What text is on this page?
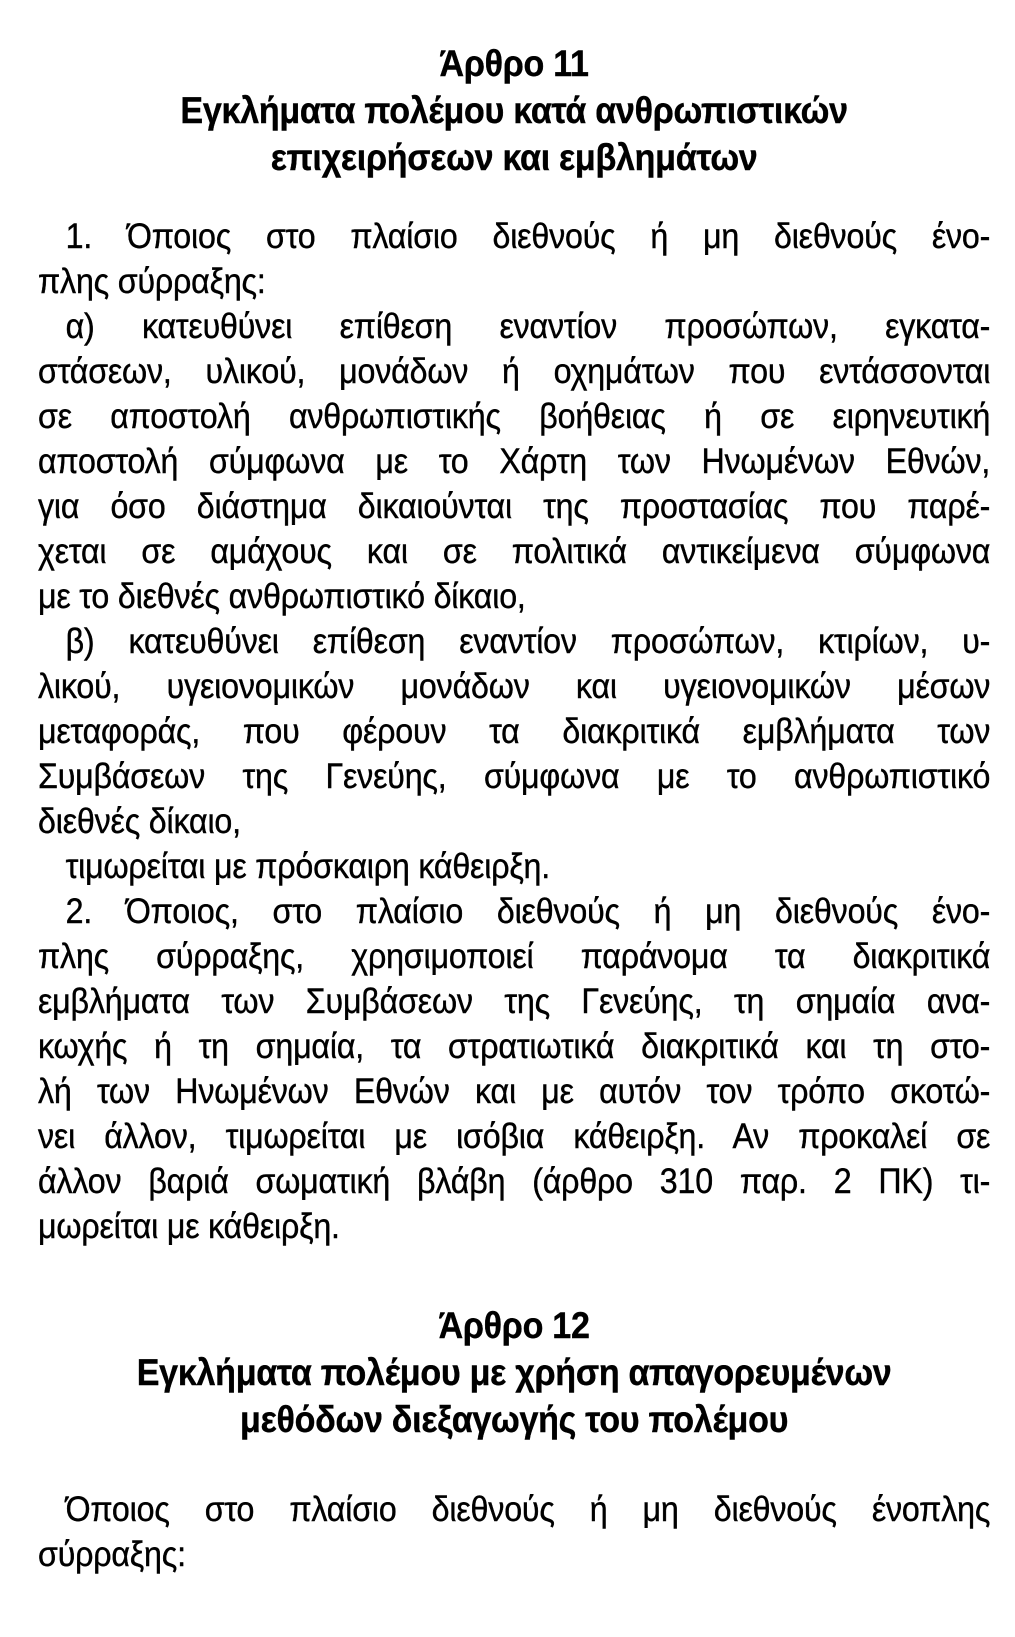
Άρθρο 11
Εγκλήματα πολέμου κατά ανθρωπιστικών
επιχειρήσεων και εμβλημάτων
1. Όποιος στο πλαίσιο διεθνούς ή μη διεθνούς ένο-
πλης σύρραξης:
α) κατευθύνει επίθεση εναντίον προσώπων, εγκατα-
στάσεων, υλικού, μονάδων ή οχημάτων που εντάσσονται
σε αποστολή ανθρωπιστικής βοήθειας ή σε ειρηνευτική
αποστολή σύμφωνα με το Χάρτη των Ηνωμένων Εθνών,
για όσο διάστημα δικαιούνται της προστασίας που παρέ-
χεται σε αμάχους και σε πολιτικά αντικείμενα σύμφωνα
με το διεθνές ανθρωπιστικό δίκαιο,
β) κατευθύνει επίθεση εναντίον προσώπων, κτιρίων, υ-
λικού, υγειονομικών μονάδων και υγειονομικών μέσων
μεταφοράς, που φέρουν τα διακριτικά εμβλήματα των
Συμβάσεων της Γενεύης, σύμφωνα με το ανθρωπιστικό
διεθνές δίκαιο,
τιμωρείται με πρόσκαιρη κάθειρξη.
2. Όποιος, στο πλαίσιο διεθνούς ή μη διεθνούς ένο-
πλης σύρραξης, χρησιμοποιεί παράνομα τα διακριτικά
εμβλήματα των Συμβάσεων της Γενεύης, τη σημαία ανα-
κωχής ή τη σημαία, τα στρατιωτικά διακριτικά και τη στο-
λή των Ηνωμένων Εθνών και με αυτόν τον τρόπο σκοτώ-
νει άλλον, τιμωρείται με ισόβια κάθειρξη. Αν προκαλεί σε
άλλον βαριά σωματική βλάβη (άρθρο 310 παρ. 2 ΠΚ) τι-
μωρείται με κάθειρξη.
Άρθρο 12
Εγκλήματα πολέμου με χρήση απαγορευμένων
μεθόδων διεξαγωγής του πολέμου
Όποιος στο πλαίσιο διεθνούς ή μη διεθνούς ένοπλης
σύρραξης:
